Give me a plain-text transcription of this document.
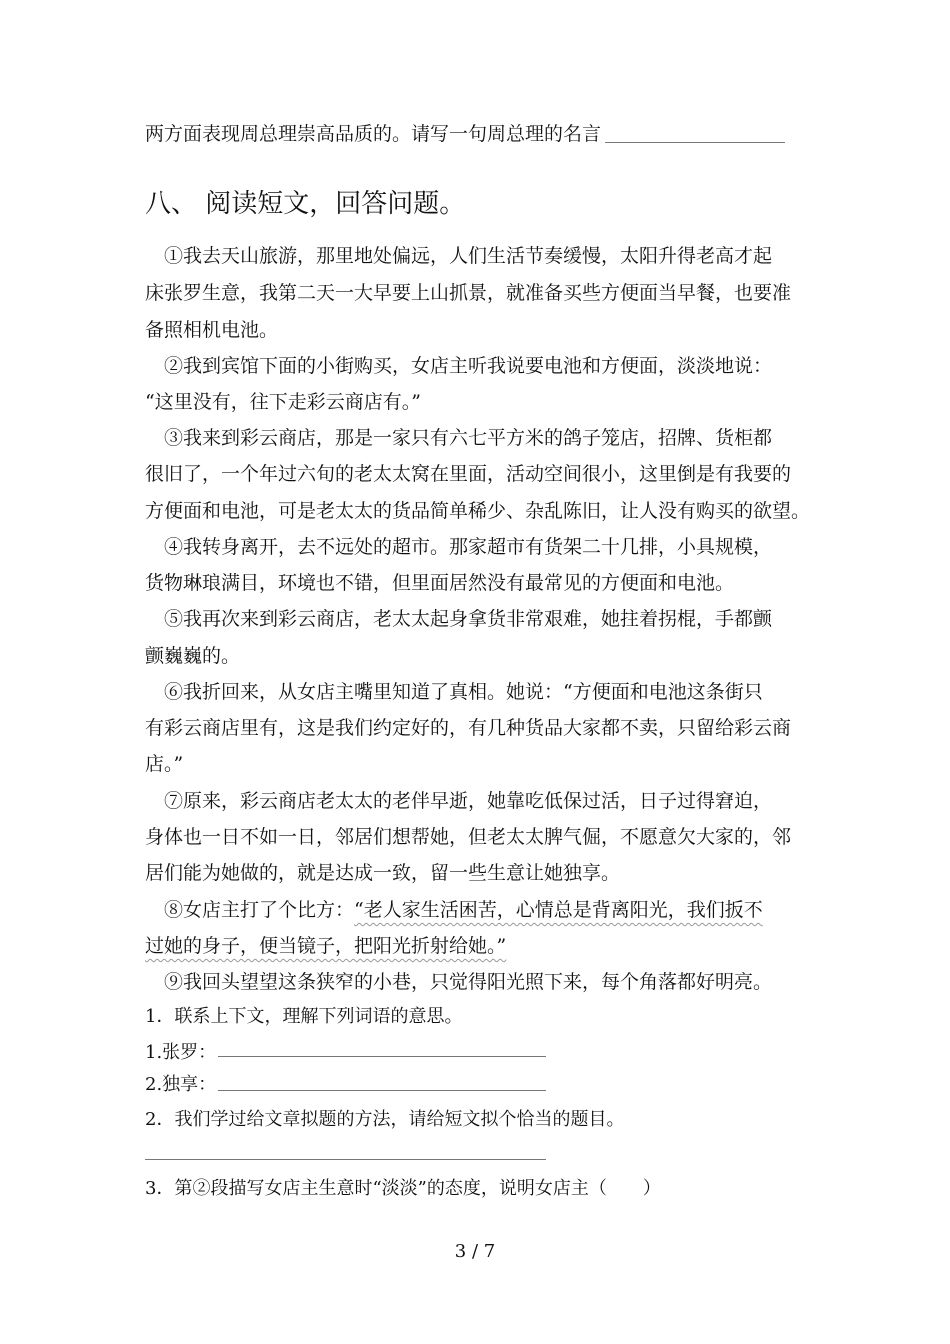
两方面表现周总理崇高品质的。请写一句周总理的名言
八、 阅读短文，回答问题。
　①我去天山旅游，那里地处偏远，人们生活节奏缓慢，太阳升得老高才起
床张罗生意，我第二天一大早要上山抓景，就准备买些方便面当早餐，也要准
备照相机电池。
　②我到宾馆下面的小街购买，女店主听我说要电池和方便面，淡淡地说：
“这里没有，往下走彩云商店有。”
　③我来到彩云商店，那是一家只有六七平方米的鸽子笼店，招牌、货柜都
很旧了，一个年过六旬的老太太窝在里面，活动空间很小，这里倒是有我要的
方便面和电池，可是老太太的货品简单稀少、杂乱陈旧，让人没有购买的欲望。
　④我转身离开，去不远处的超市。那家超市有货架二十几排，小具规模，
货物琳琅满目，环境也不错，但里面居然没有最常见的方便面和电池。
　⑤我再次来到彩云商店，老太太起身拿货非常艰难，她拄着拐棍，手都颤
颤巍巍的。
　⑥我折回来，从女店主嘴里知道了真相。她说：“方便面和电池这条街只
有彩云商店里有，这是我们约定好的，有几种货品大家都不卖，只留给彩云商
店。”
　⑦原来，彩云商店老太太的老伴早逝，她靠吃低保过活，日子过得窘迫，
身体也一日不如一日，邻居们想帮她，但老太太脾气倔，不愿意欠大家的，邻
居们能为她做的，就是达成一致，留一些生意让她独享。
　⑧女店主打了个比方：“老人家生活困苦，心情总是背离阳光，我们扳不
过她的身子，便当镜子，把阳光折射给她。”
　⑨我回头望望这条狭窄的小巷，只觉得阳光照下来，每个角落都好明亮。
1．联系上下文，理解下列词语的意思。
1.张罗：
2.独享：
2．我们学过给文章拟题的方法，请给短文拟个恰当的题目。
3．第②段描写女店主生意时“淡淡”的态度，说明女店主（　　）
3 / 7
